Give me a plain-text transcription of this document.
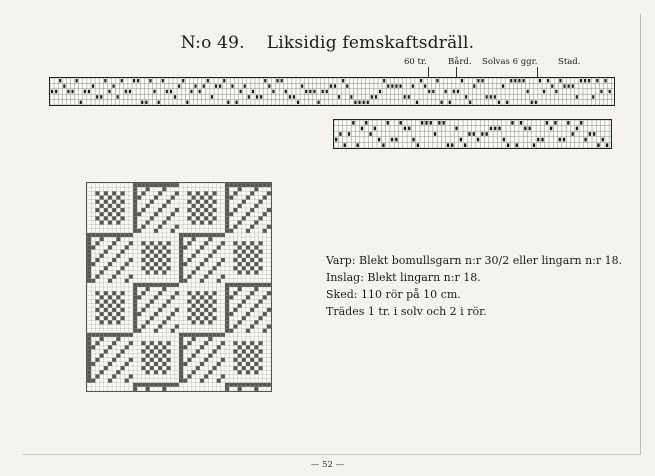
N:o 49. Liksidig femskaftsdräll.
60 tr. Bård. Solvas 6 ggr. Stad.
Varp: Blekt bomullsgarn n:r 30/2 eller lingarn n:r 18.
Inslag: Blekt lingarn n:r 18.
Sked: 110 rör på 10 cm.
Trädes 1 tr. i solv och 2 i rör.
— 52 —
